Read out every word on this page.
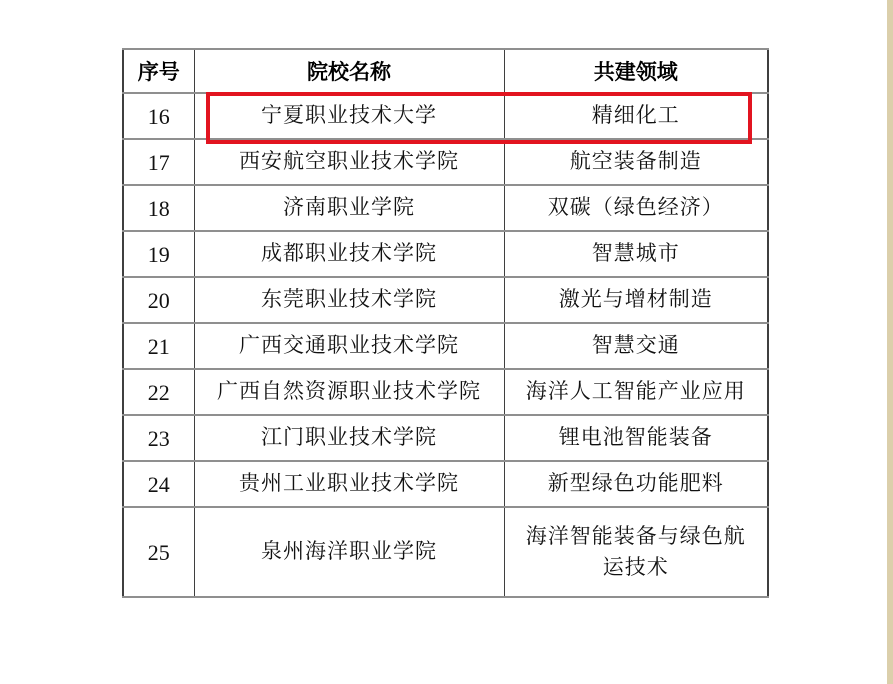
序号	院校名称	共建领域
16	宁夏职业技术大学	精细化工
17	西安航空职业技术学院	航空装备制造
18	济南职业学院	双碳（绿色经济）
19	成都职业技术学院	智慧城市
20	东莞职业技术学院	激光与增材制造
21	广西交通职业技术学院	智慧交通
22	广西自然资源职业技术学院	海洋人工智能产业应用
23	江门职业技术学院	锂电池智能装备
24	贵州工业职业技术学院	新型绿色功能肥料
25	泉州海洋职业学院	海洋智能装备与绿色航运技术
